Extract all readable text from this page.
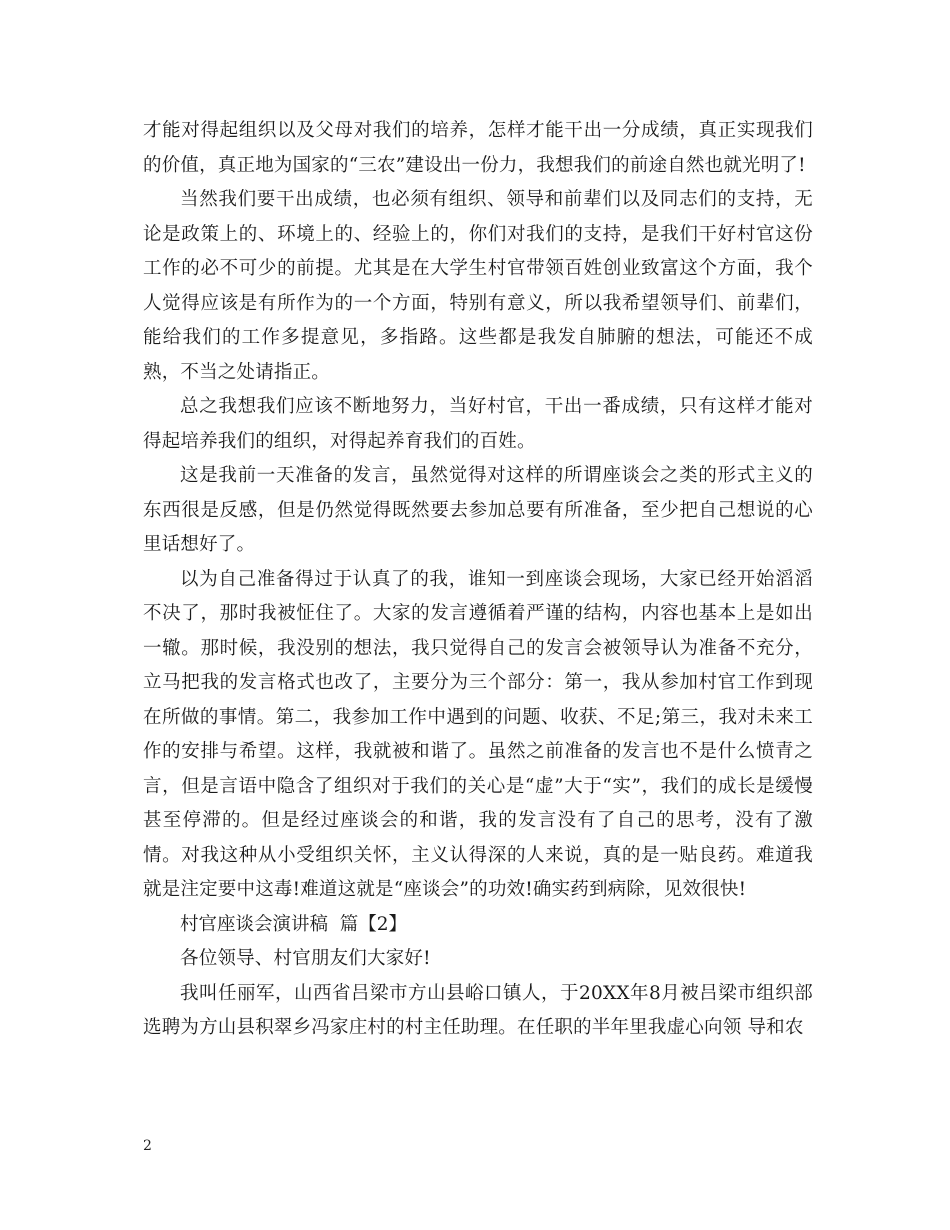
才能对得起组织以及父母对我们的培养，怎样才能干出一分成绩，真正实现我们的价值，真正地为国家的“三农”建设出一份力，我想我们的前途自然也就光明了!

当然我们要干出成绩，也必须有组织、领导和前辈们以及同志们的支持，无论是政策上的、环境上的、经验上的，你们对我们的支持，是我们干好村官这份工作的必不可少的前提。尤其是在大学生村官带领百姓创业致富这个方面，我个人觉得应该是有所作为的一个方面，特别有意义，所以我希望领导们、前辈们，能给我们的工作多提意见，多指路。这些都是我发自肺腑的想法，可能还不成熟，不当之处请指正。

总之我想我们应该不断地努力，当好村官，干出一番成绩，只有这样才能对得起培养我们的组织，对得起养育我们的百姓。

这是我前一天准备的发言，虽然觉得对这样的所谓座谈会之类的形式主义的东西很是反感，但是仍然觉得既然要去参加总要有所准备，至少把自己想说的心里话想好了。

以为自己准备得过于认真了的我，谁知一到座谈会现场，大家已经开始滔滔不决了，那时我被怔住了。大家的发言遵循着严谨的结构，内容也基本上是如出一辙。那时候，我没别的想法，我只觉得自己的发言会被领导认为准备不充分，立马把我的发言格式也改了，主要分为三个部分：第一，我从参加村官工作到现在所做的事情。第二，我参加工作中遇到的问题、收获、不足;第三，我对未来工作的安排与希望。这样，我就被和谐了。虽然之前准备的发言也不是什么愤青之言，但是言语中隐含了组织对于我们的关心是“虚”大于“实”，我们的成长是缓慢甚至停滞的。但是经过座谈会的和谐，我的发言没有了自己的思考，没有了激情。对我这种从小受组织关怀，主义认得深的人来说，真的是一贴良药。难道我就是注定要中这毒!难道这就是“座谈会”的功效!确实药到病除，见效很快!

村官座谈会演讲稿  篇【2】

各位领导、村官朋友们大家好!

我叫任丽军，山西省吕梁市方山县峪口镇人，于20XX年8月被吕梁市组织部选聘为方山县积翠乡冯家庄村的村主任助理。在任职的半年里我虚心向领 导和农

2
